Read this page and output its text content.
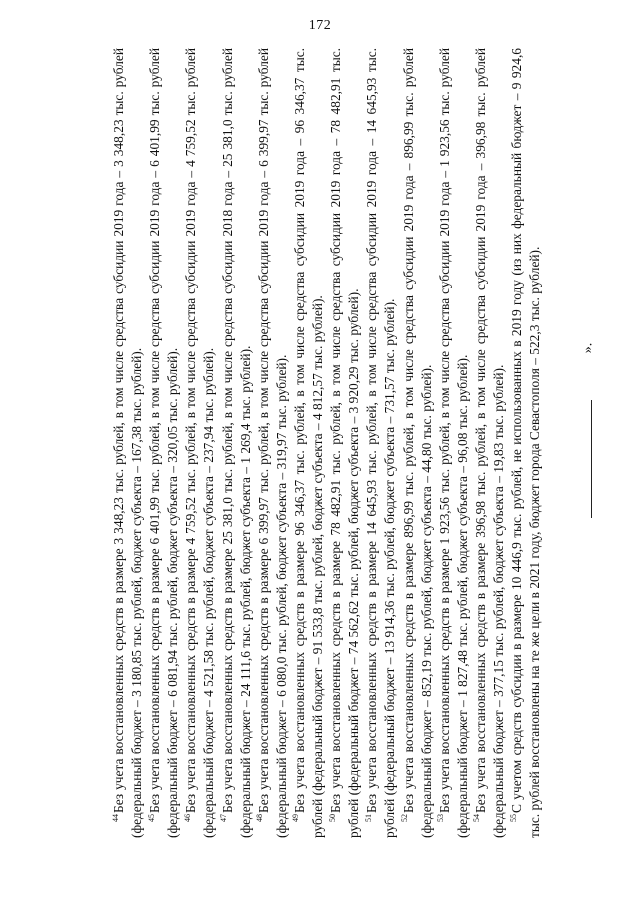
172

$^{44}$Без учета восстановленных средств в размере 3 348,23 тыс. рублей, в том числе средства субсидии 2019 года – 3 348,23 тыс. рублей (федеральный бюджет – 3 180,85 тыс. рублей, бюджет субъекта – 167,38 тыс. рублей). $^{45}$Без учета восстановленных средств в размере 6 401,99 тыс. рублей, в том числе средства субсидии 2019 года – 6 401,99 тыс. рублей (федеральный бюджет – 6 081,94 тыс. рублей, бюджет субъекта – 320,05 тыс. рублей). $^{46}$Без учета восстановленных средств в размере 4 759,52 тыс. рублей, в том числе средства субсидии 2019 года – 4 759,52 тыс. рублей (федеральный бюджет – 4 521,58 тыс. рублей, бюджет субъекта – 237,94 тыс. рублей). $^{47}$Без учета восстановленных средств в размере 25 381,0 тыс. рублей, в том числе средства субсидии 2018 года – 25 381,0 тыс. рублей (федеральный бюджет – 24 111,6 тыс. рублей, бюджет субъекта – 1 269,4 тыс. рублей). $^{48}$Без учета восстановленных средств в размере 6 399,97 тыс. рублей, в том числе средства субсидии 2019 года – 6 399,97 тыс. рублей (федеральный бюджет – 6 080,0 тыс. рублей, бюджет субъекта – 319,97 тыс. рублей). $^{49}$Без учета восстановленных средств в размере 96 346,37 тыс. рублей, в том числе средства субсидии 2019 года – 96 346,37 тыс. рублей (федеральный бюджет – 91 533,8 тыс. рублей, бюджет субъекта – 4 812,57 тыс. рублей). $^{50}$Без учета восстановленных средств в размере 78 482,91 тыс. рублей, в том числе средства субсидии 2019 года – 78 482,91 тыс. рублей (федеральный бюджет – 74 562,62 тыс. рублей, бюджет субъекта – 3 920,29 тыс. рублей). $^{51}$Без учета восстановленных средств в размере 14 645,93 тыс. рублей, в том числе средства субсидии 2019 года – 14 645,93 тыс. рублей (федеральный бюджет – 13 914,36 тыс. рублей, бюджет субъекта – 731,57 тыс. рублей). $^{52}$Без учета восстановленных средств в размере 896,99 тыс. рублей, в том числе средства субсидии 2019 года – 896,99 тыс. рублей (федеральный бюджет – 852,19 тыс. рублей, бюджет субъекта – 44,80 тыс. рублей). $^{53}$Без учета восстановленных средств в размере 1 923,56 тыс. рублей, в том числе средства субсидии 2019 года – 1 923,56 тыс. рублей (федеральный бюджет – 1 827,48 тыс. рублей, бюджет субъекта – 96,08 тыс. рублей). $^{54}$Без учета восстановленных средств в размере 396,98 тыс. рублей, в том числе средства субсидии 2019 года – 396,98 тыс. рублей (федеральный бюджет – 377,15 тыс. рублей, бюджет субъекта – 19,83 тыс. рублей). $^{55}$С учетом средств субсидии в размере 10 446,9 тыс. рублей, не использованных в 2019 году (из них федеральный бюджет – 9 924,6 тыс. рублей восстановлены на те же цели в 2021 году, бюджет города Севастополя – 522,3 тыс. рублей).	».
